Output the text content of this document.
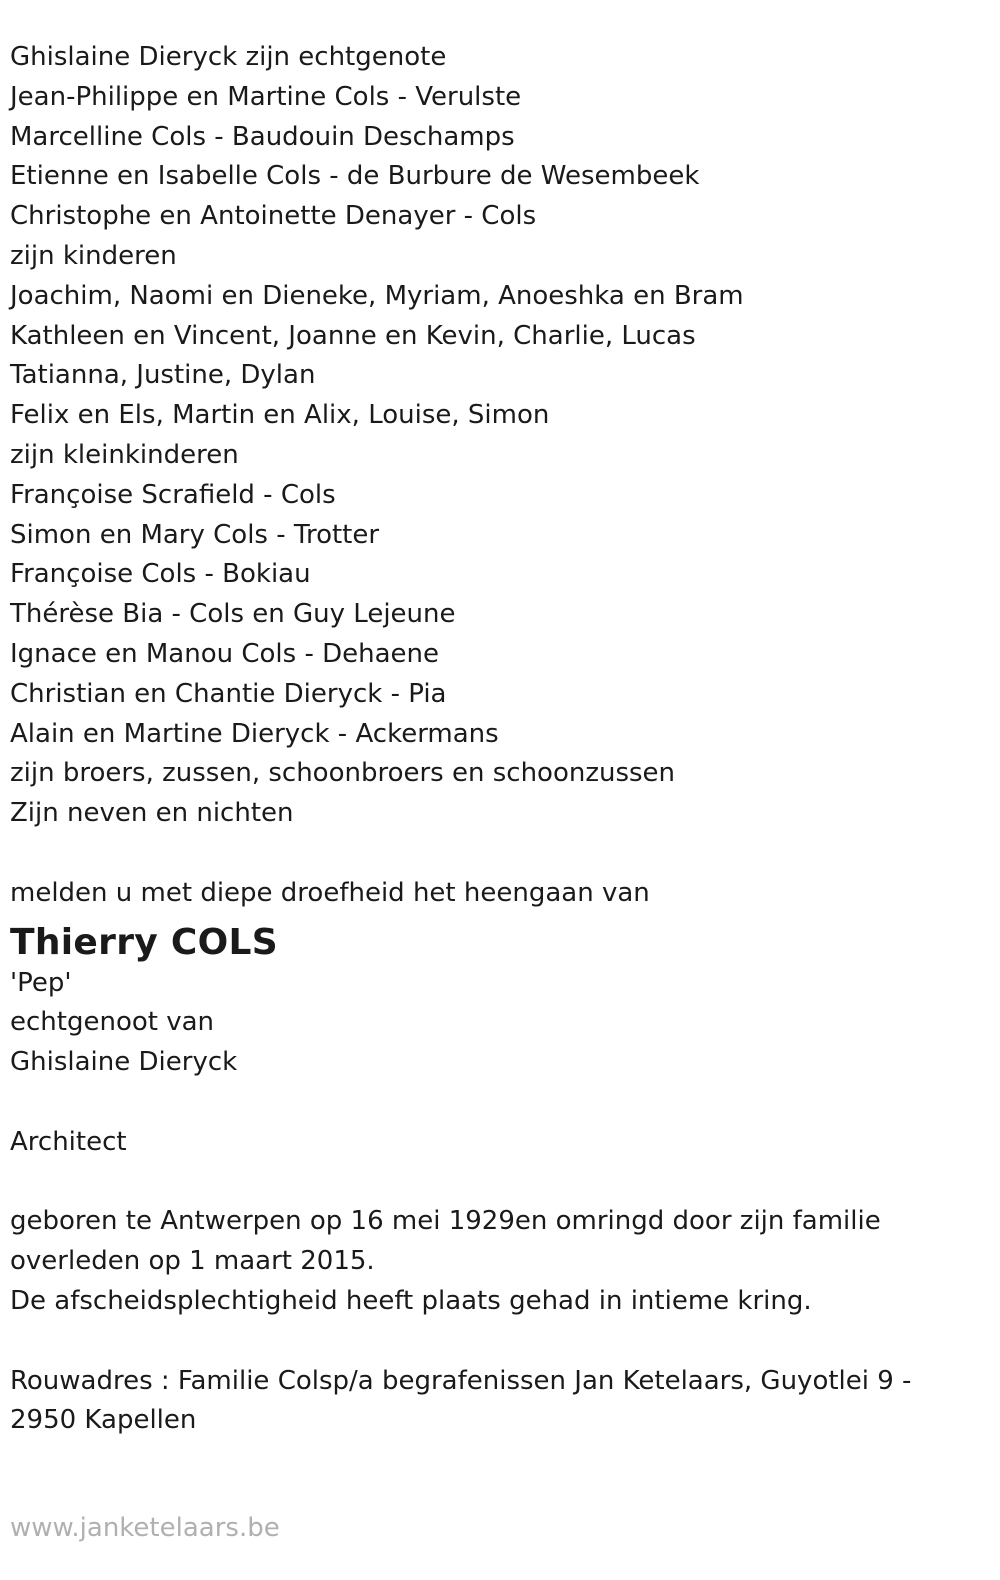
Ghislaine Dieryck zijn echtgenote

Jean-Philippe en Martine Cols - Verulste

Marcelline Cols - Baudouin Deschamps

Etienne en Isabelle Cols - de Burbure de Wesembeek

Christophe en Antoinette Denayer - Cols

zijn kinderen

Joachim, Naomi en Dieneke, Myriam, Anoeshka en Bram

Kathleen en Vincent, Joanne en Kevin, Charlie, Lucas

Tatianna, Justine, Dylan

Felix en Els, Martin en Alix, Louise, Simon

zijn kleinkinderen

Françoise Scrafield - Cols

Simon en Mary Cols - Trotter

Françoise Cols - Bokiau

Thérèse Bia - Cols en Guy Lejeune

Ignace en Manou Cols - Dehaene

Christian en Chantie Dieryck - Pia

Alain en Martine Dieryck - Ackermans

zijn broers, zussen, schoonbroers en schoonzussen

Zijn neven en nichten

melden u met diepe droefheid het heengaan van

Thierry COLS

'Pep'

echtgenoot van

Ghislaine Dieryck

Architect

geboren te Antwerpen op 16 mei 1929en omringd door zijn familie

overleden op 1 maart 2015.

De afscheidsplechtigheid heeft plaats gehad in intieme kring.

Rouwadres : Familie Colsp/a begrafenissen Jan Ketelaars, Guyotlei 9 - 2950 Kapellen

www.janketelaars.be
